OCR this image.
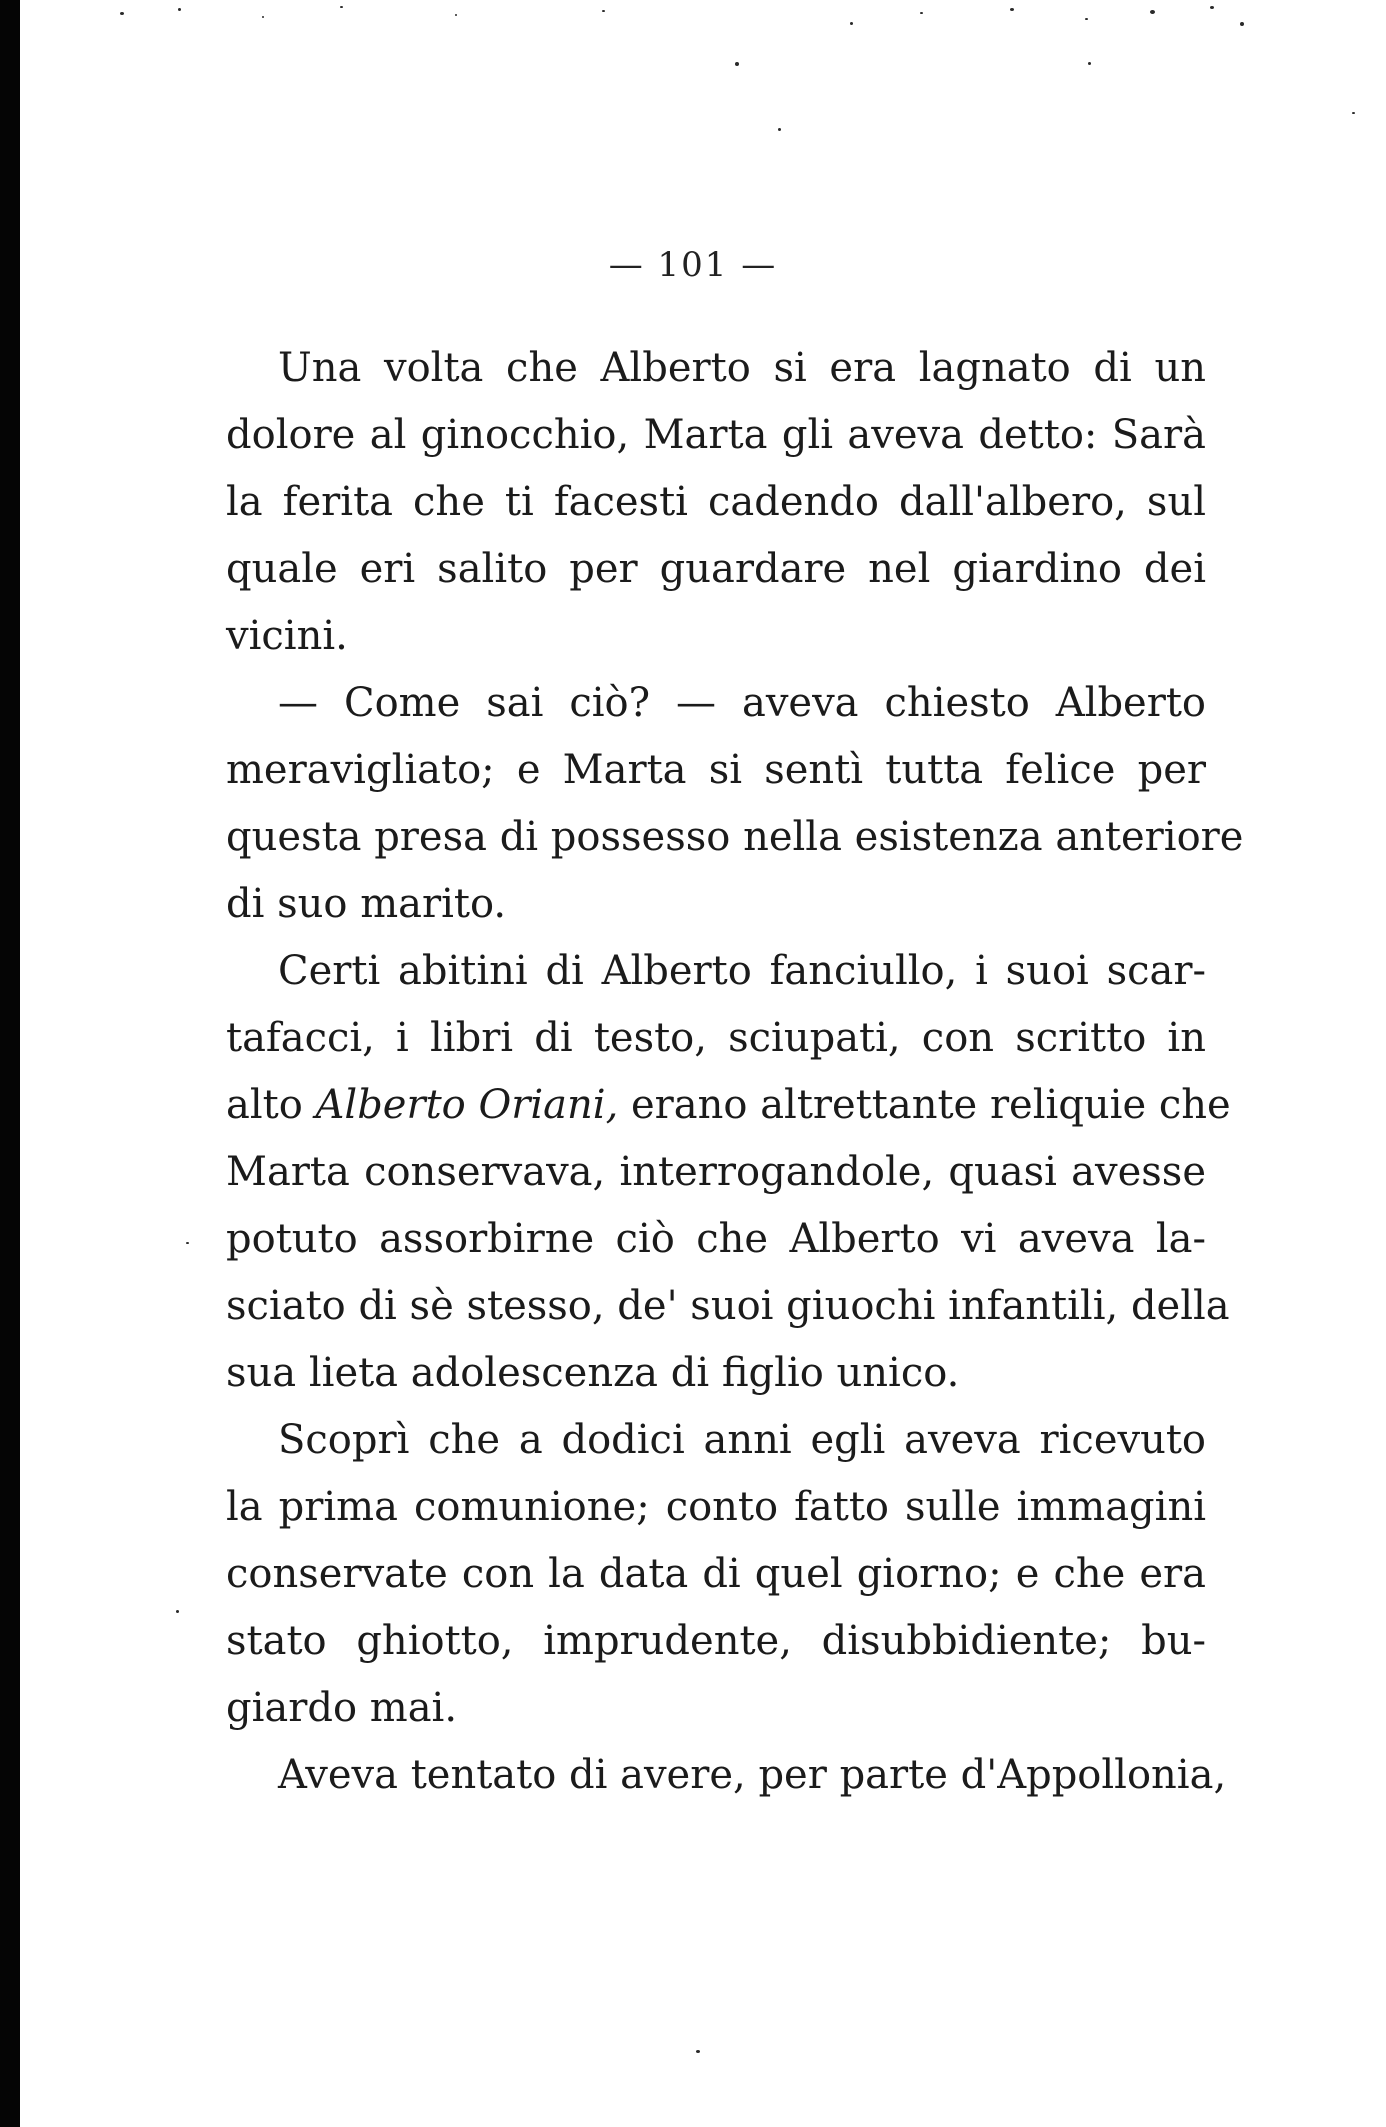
— 101 —
Una volta che Alberto si era lagnato di un
dolore al ginocchio, Marta gli aveva detto: Sarà
la ferita che ti facesti cadendo dall'albero, sul
quale eri salito per guardare nel giardino dei
vicini.
— Come sai ciò? — aveva chiesto Alberto
meravigliato; e Marta si sentì tutta felice per
questa presa di possesso nella esistenza anteriore
di suo marito.
Certi abitini di Alberto fanciullo, i suoi scar-
tafacci, i libri di testo, sciupati, con scritto in
alto Alberto Oriani, erano altrettante reliquie che
Marta conservava, interrogandole, quasi avesse
potuto assorbirne ciò che Alberto vi aveva la-
sciato di sè stesso, de' suoi giuochi infantili, della
sua lieta adolescenza di figlio unico.
Scoprì che a dodici anni egli aveva ricevuto
la prima comunione; conto fatto sulle immagini
conservate con la data di quel giorno; e che era
stato ghiotto, imprudente, disubbidiente; bu-
giardo mai.
Aveva tentato di avere, per parte d'Appollonia,
